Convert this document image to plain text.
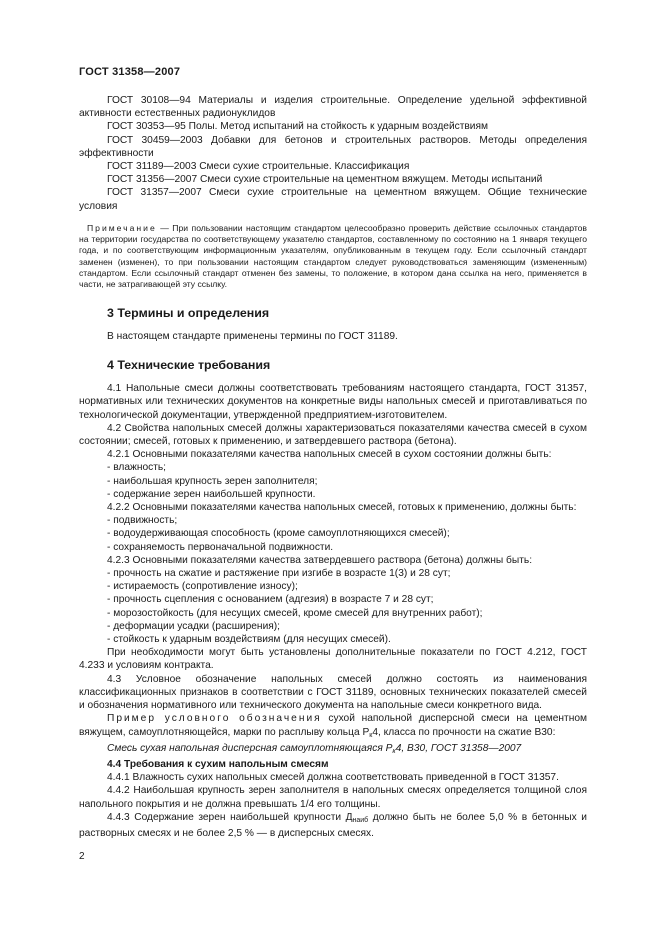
ГОСТ 31358—2007

ГОСТ 30108—94 Материалы и изделия строительные. Определение удельной эффективной активности естественных радионуклидов

ГОСТ 30353—95 Полы. Метод испытаний на стойкость к ударным воздействиям

ГОСТ 30459—2003 Добавки для бетонов и строительных растворов. Методы определения эффективности

ГОСТ 31189—2003 Смеси сухие строительные. Классификация

ГОСТ 31356—2007 Смеси сухие строительные на цементном вяжущем. Методы испытаний

ГОСТ 31357—2007 Смеси сухие строительные на цементном вяжущем. Общие технические условия

Примечание — При пользовании настоящим стандартом целесообразно проверить действие ссылочных стандартов на территории государства по соответствующему указателю стандартов, составленному по состоянию на 1 января текущего года, и по соответствующим информационным указателям, опубликованным в текущем году. Если ссылочный стандарт заменен (изменен), то при пользовании настоящим стандартом следует руководствоваться заменяющим (измененным) стандартом. Если ссылочный стандарт отменен без замены, то положение, в котором дана ссылка на него, применяется в части, не затрагивающей эту ссылку.

3 Термины и определения

В настоящем стандарте применены термины по ГОСТ 31189.

4 Технические требования

4.1 Напольные смеси должны соответствовать требованиям настоящего стандарта, ГОСТ 31357, нормативных или технических документов на конкретные виды напольных смесей и приготавливаться по технологической документации, утвержденной предприятием-изготовителем.

4.2 Свойства напольных смесей должны характеризоваться показателями качества смесей в сухом состоянии; смесей, готовых к применению, и затвердевшего раствора (бетона).

4.2.1 Основными показателями качества напольных смесей в сухом состоянии должны быть:

- влажность;
- наибольшая крупность зерен заполнителя;
- содержание зерен наибольшей крупности.

4.2.2 Основными показателями качества напольных смесей, готовых к применению, должны быть:

- подвижность;
- водоудерживающая способность (кроме самоуплотняющихся смесей);
- сохраняемость первоначальной подвижности.

4.2.3 Основными показателями качества затвердевшего раствора (бетона) должны быть:

- прочность на сжатие и растяжение при изгибе в возрасте 1(3) и 28 сут;
- истираемость (сопротивление износу);
- прочность сцепления с основанием (адгезия) в возрасте 7 и 28 сут;
- морозостойкость (для несущих смесей, кроме смесей для внутренних работ);
- деформации усадки (расширения);
- стойкость к ударным воздействиям (для несущих смесей).

При необходимости могут быть установлены дополнительные показатели по ГОСТ 4.212, ГОСТ 4.233 и условиям контракта.

4.3 Условное обозначение напольных смесей должно состоять из наименования классификационных признаков в соответствии с ГОСТ 31189, основных технических показателей смесей и обозначения нормативного или технического документа на напольные смеси конкретного вида.

Пример условного обозначения сухой напольной дисперсной смеси на цементном вяжущем, самоуплотняющейся, марки по расплыву кольца $Р_к4$, класса по прочности на сжатие В30:

Смесь сухая напольная дисперсная самоуплотняющаяся $Р_к4$, В30, ГОСТ 31358—2007

4.4 Требования к сухим напольным смесям

4.4.1 Влажность сухих напольных смесей должна соответствовать приведенной в ГОСТ 31357.

4.4.2 Наибольшая крупность зерен заполнителя в напольных смесях определяется толщиной слоя напольного покрытия и не должна превышать 1/4 его толщины.

4.4.3 Содержание зерен наибольшей крупности $Д_{наиб}$ должно быть не более 5,0 % в бетонных и растворных смесях и не более 2,5 % — в дисперсных смесях.

2
